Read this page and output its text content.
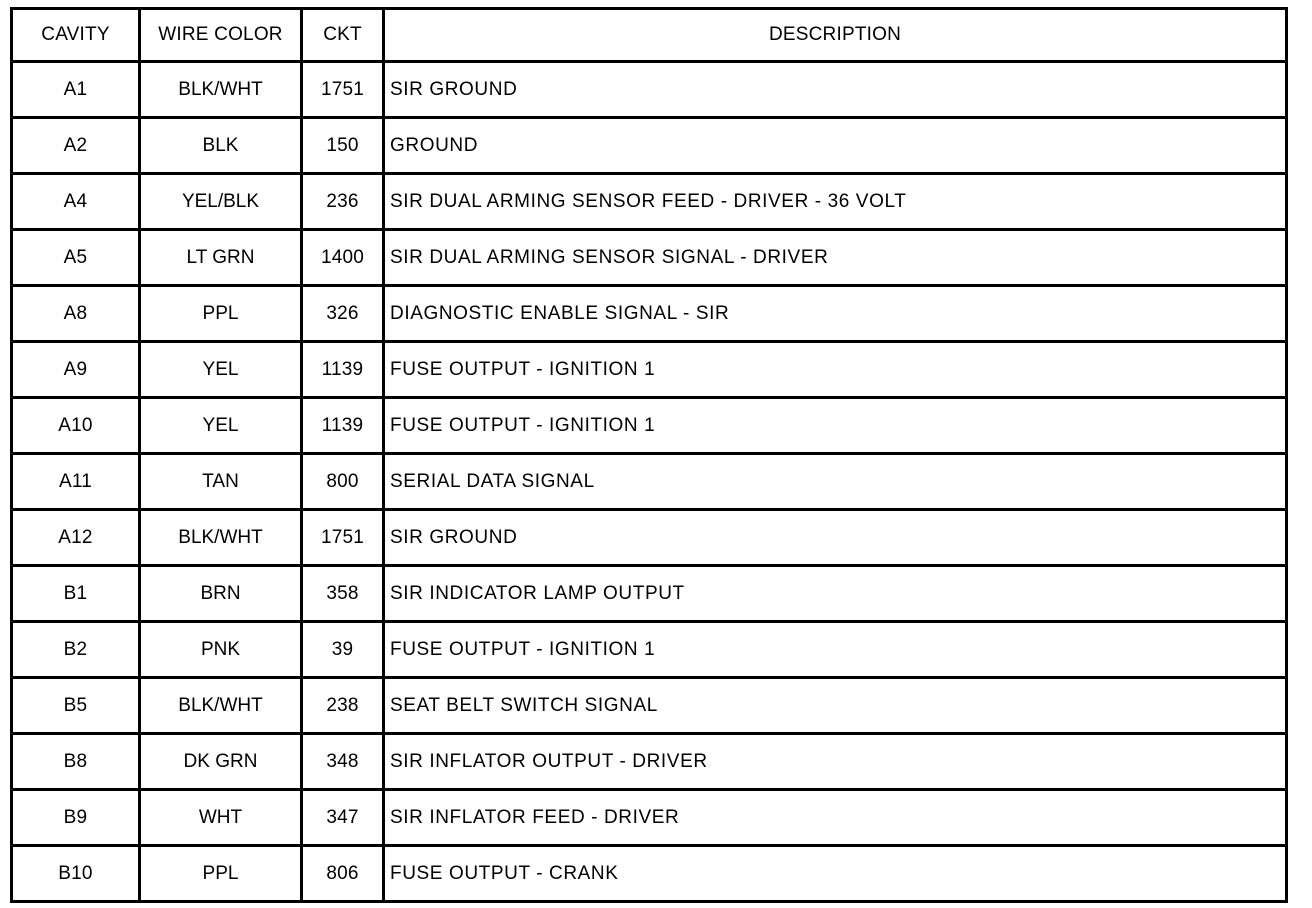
CAVITY	WIRE COLOR	CKT	DESCRIPTION
A1	BLK/WHT	1751	SIR GROUND
A2	BLK	150	GROUND
A4	YEL/BLK	236	SIR DUAL ARMING SENSOR FEED - DRIVER - 36 VOLT
A5	LT GRN	1400	SIR DUAL ARMING SENSOR SIGNAL - DRIVER
A8	PPL	326	DIAGNOSTIC ENABLE SIGNAL - SIR
A9	YEL	1139	FUSE OUTPUT - IGNITION 1
A10	YEL	1139	FUSE OUTPUT - IGNITION 1
A11	TAN	800	SERIAL DATA SIGNAL
A12	BLK/WHT	1751	SIR GROUND
B1	BRN	358	SIR INDICATOR LAMP OUTPUT
B2	PNK	39	FUSE OUTPUT - IGNITION 1
B5	BLK/WHT	238	SEAT BELT SWITCH SIGNAL
B8	DK GRN	348	SIR INFLATOR OUTPUT - DRIVER
B9	WHT	347	SIR INFLATOR FEED - DRIVER
B10	PPL	806	FUSE OUTPUT - CRANK
